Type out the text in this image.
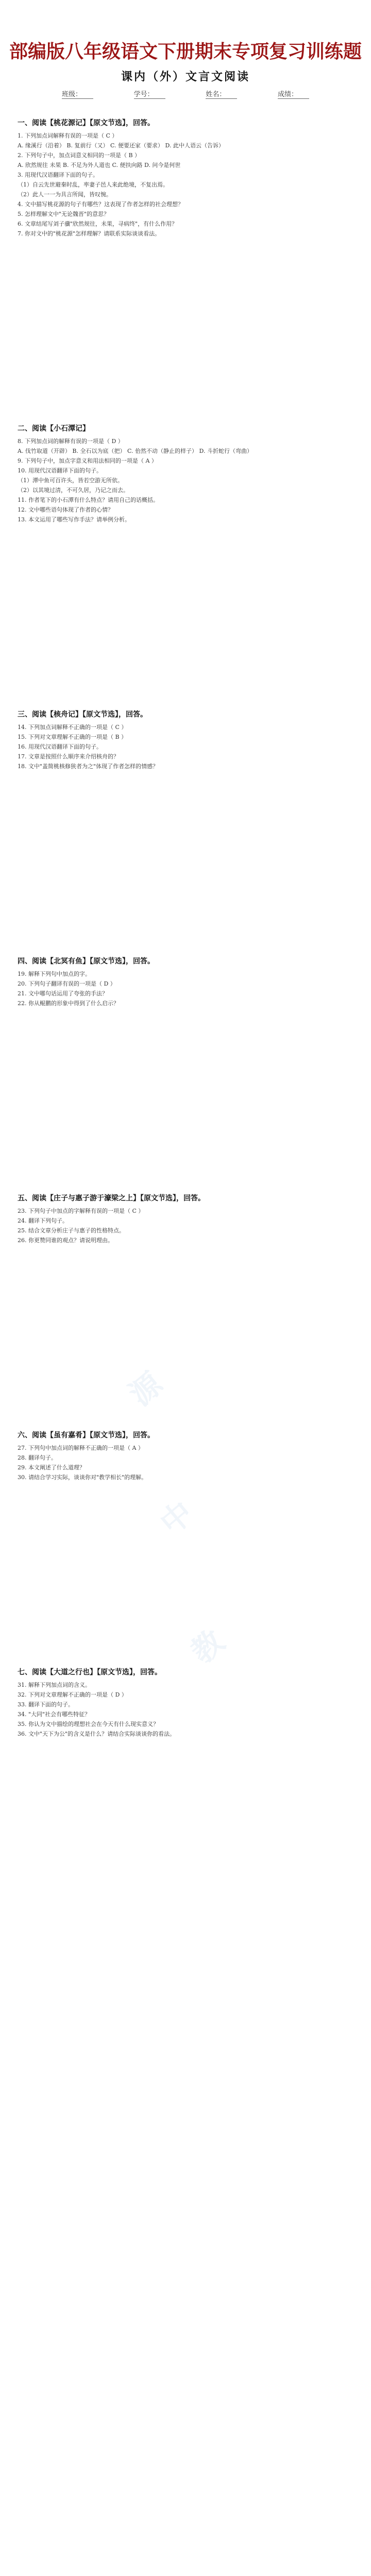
部编版八年级语文下册期末专项复习训练题
课内（外）文言文阅读
班级：	学号：	姓名：	成绩：
源
中
教
一、阅读【桃花源记】【原文节选】，回答。
1. 下列加点词解释有误的一项是（ C ）
A. 缘溪行（沿着） B. 复前行（又） C. 便要还家（要求） D. 此中人语云（告诉）
2. 下列句子中，加点词意义相同的一项是（ B ）
A. 欣然规往 未果 B. 不足为外人道也 C. 便扶向路 D. 问今是何世
3. 用现代汉语翻译下面的句子。
（1）自云先世避秦时乱，率妻子邑人来此绝境，不复出焉。
（2）此人一一为具言所闻，皆叹惋。
4. 文中描写桃花源的句子有哪些？这表现了作者怎样的社会理想？
5. 怎样理解文中"无论魏晋"的意思？
6. 文章结尾写刘子骥"欣然规往，未果，寻病终"，有什么作用？
7. 你对文中的"桃花源"怎样理解？请联系实际谈谈看法。
二、阅读【小石潭记】
8. 下列加点词的解释有误的一项是（ D ）
A. 伐竹取道（开辟） B. 全石以为底（把） C. 佁然不动（静止的样子） D. 斗折蛇行（弯曲）
9. 下列句子中，加点字意义和用法相同的一项是（ A ）
10. 用现代汉语翻译下面的句子。
（1）潭中鱼可百许头，皆若空游无所依。
（2）以其境过清，不可久居，乃记之而去。
11. 作者笔下的小石潭有什么特点？请用自己的话概括。
12. 文中哪些语句体现了作者的心情？
13. 本文运用了哪些写作手法？请举例分析。
三、阅读【核舟记】【原文节选】，回答。
14. 下列加点词解释不正确的一项是（ C ）
15. 下列对文章理解不正确的一项是（ B ）
16. 用现代汉语翻译下面的句子。
17. 文章是按照什么顺序来介绍核舟的？
18. 文中"盖简桃核修狭者为之"体现了作者怎样的情感？
四、阅读【北冥有鱼】【原文节选】，回答。
19. 解释下列句中加点的字。
20. 下列句子翻译有误的一项是（ D ）
21. 文中哪句话运用了夸张的手法？
22. 你从鲲鹏的形象中得到了什么启示？
五、阅读【庄子与惠子游于濠梁之上】【原文节选】，回答。
23. 下列句子中加点的字解释有误的一项是（ C ）
24. 翻译下列句子。
25. 结合文章分析庄子与惠子的性格特点。
26. 你更赞同谁的观点？请说明理由。
六、阅读【虽有嘉肴】【原文节选】，回答。
27. 下列句中加点词的解释不正确的一项是（ A ）
28. 翻译句子。
29. 本文阐述了什么道理？
30. 请结合学习实际，谈谈你对"教学相长"的理解。
七、阅读【大道之行也】【原文节选】，回答。
31. 解释下列加点词的含义。
32. 下列对文章理解不正确的一项是（ D ）
33. 翻译下面的句子。
34. "大同"社会有哪些特征？
35. 你认为文中描绘的理想社会在今天有什么现实意义？
36. 文中"天下为公"的含义是什么？请结合实际谈谈你的看法。
